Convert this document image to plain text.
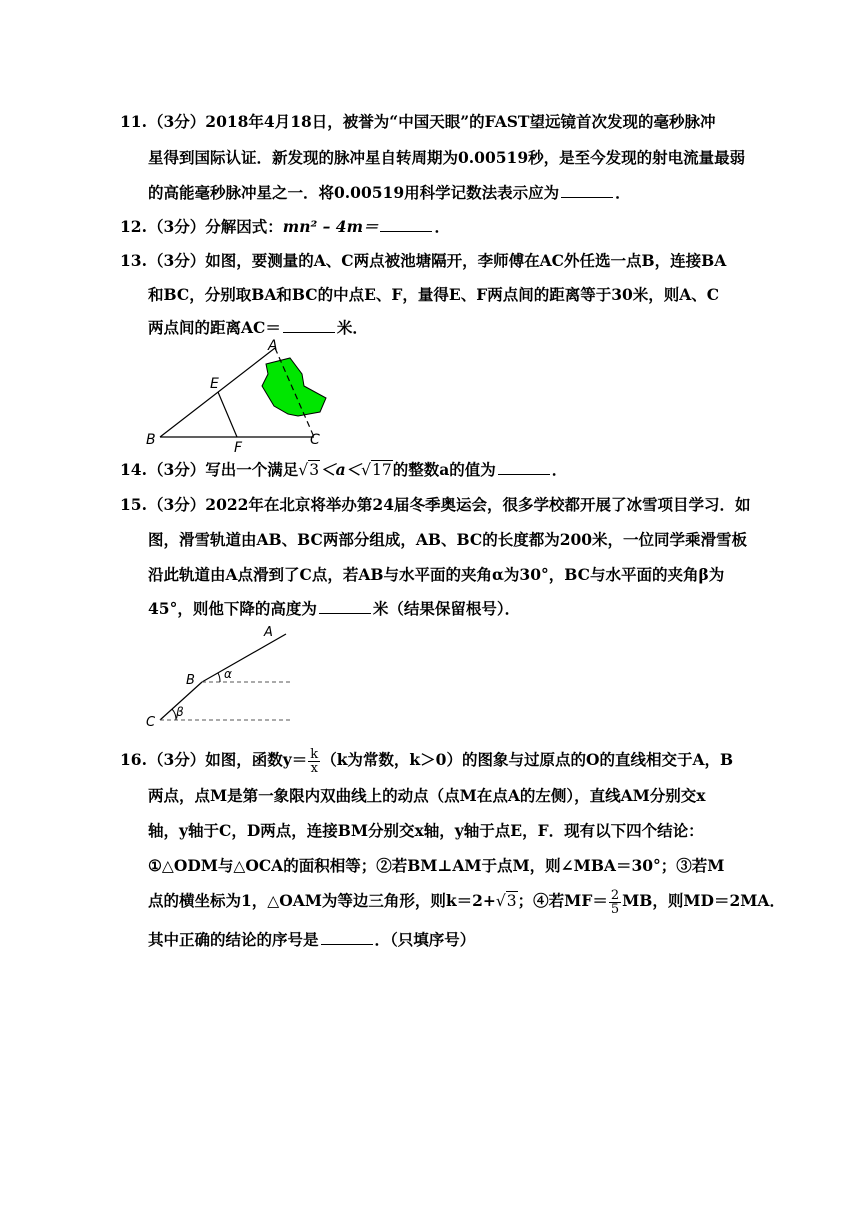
11. （3分）2018年4月18日，被誉为“中国天眼”的FAST望远镜首次发现的毫秒脉冲
星得到国际认证．新发现的脉冲星自转周期为0.00519秒，是至今发现的射电流量最弱
的高能毫秒脉冲星之一．将0.00519用科学记数法表示应为	．
12. （3分）分解因式：mn² – 4m＝	．
13. （3分）如图，要测量的A、C两点被池塘隔开，李师傅在AC外任选一点B，连接BA
和BC，分别取BA和BC的中点E、F，量得E、F两点间的距离等于30米，则A、C
两点间的距离AC＝	米．
A
E
B	F	C
14. （3分）写出一个满足√3＜a＜√17的整数a的值为	．
15. （3分）2022年在北京将举办第24届冬季奥运会，很多学校都开展了冰雪项目学习．如
图，滑雪轨道由AB、BC两部分组成，AB、BC的长度都为200米，一位同学乘滑雪板
沿此轨道由A点滑到了C点，若AB与水平面的夹角α为30°，BC与水平面的夹角β为
45°，则他下降的高度为	米（结果保留根号）．
A
B α
C
β
16. （3分）如图，函数$y= \frac{k}{x} (k$为常数，k＞0）的图象与过原点的O的直线相交于A，B
两点，点M是第一象限内双曲线上的动点（点M在点A的左侧），直线AM分别交x
轴，y轴于C，D两点，连接BM分别交x轴，y轴于点E，F．现有以下四个结论：
①△ODM与△OCA的面积相等；②若BM⊥AM于点M，则∠MBA＝30°；③若M
点的横坐标为1，△OAM为等边三角形，则k＝2+√3；④若$MF= \frac{2}{5}$ MB，则MD＝2MA．
其中正确的结论的序号是	．（只填序号）
